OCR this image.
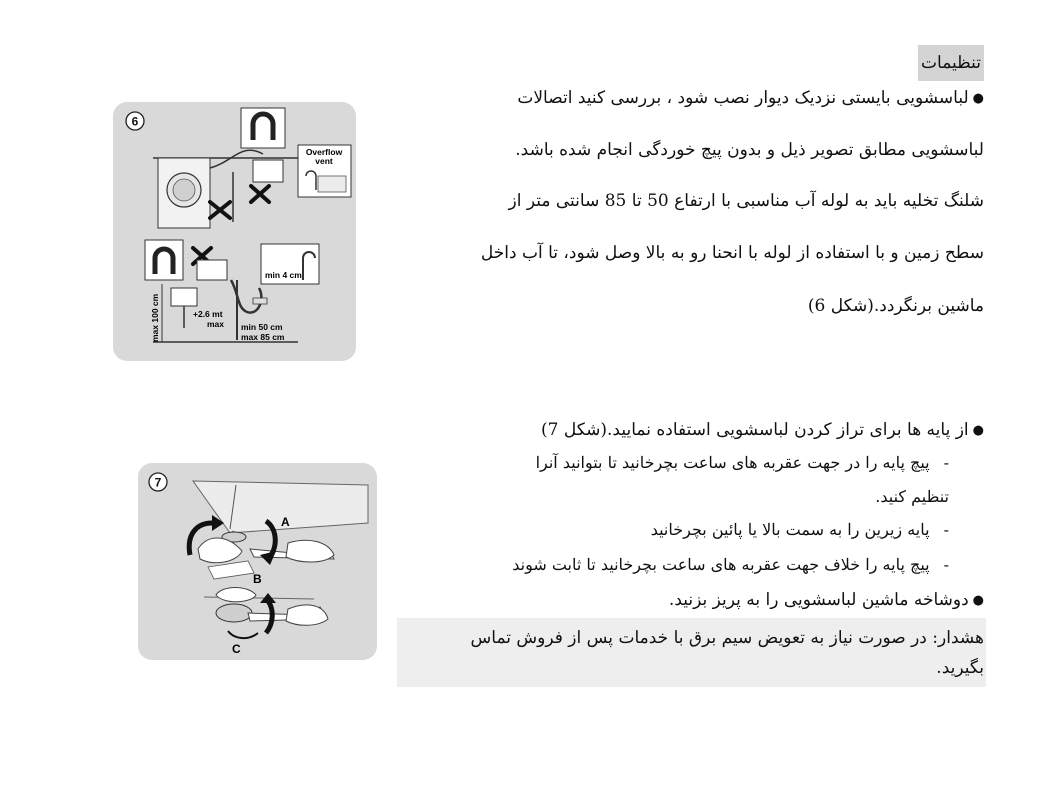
تنظیمات
● لباسشویی بایستی نزدیک دیوار نصب شود ، بررسی کنید اتصالات
لباسشویی مطابق تصویر ذیل و بدون پیچ خوردگی انجام شده باشد.
شلنگ تخلیه باید به لوله آب مناسبی با ارتفاع 50 تا 85 سانتی متر از
سطح زمین و با استفاده از لوله با انحنا رو به بالا وصل شود، تا آب داخل
ماشین برنگردد.(شکل 6)
● از پایه ها برای تراز کردن لباسشویی استفاده نمایید.(شکل 7)
-پیچ پایه را در جهت عقربه های ساعت بچرخانید تا بتوانید آنرا
تنظیم کنید.
-پایه زیرین را به سمت بالا یا پائین بچرخانید
-پیچ پایه را خلاف جهت عقربه های ساعت بچرخانید تا ثابت شوند
● دوشاخه ماشین لباسشویی را به پریز بزنید.
هشدار: در صورت نیاز به تعویض سیم برق با خدمات پس از فروش تماس
بگیرید.
6
Overflow
vent
min 4 cm
max 100 cm	+2.6 mt
max min 50 cm
max 85 cm
7
A
B
C
